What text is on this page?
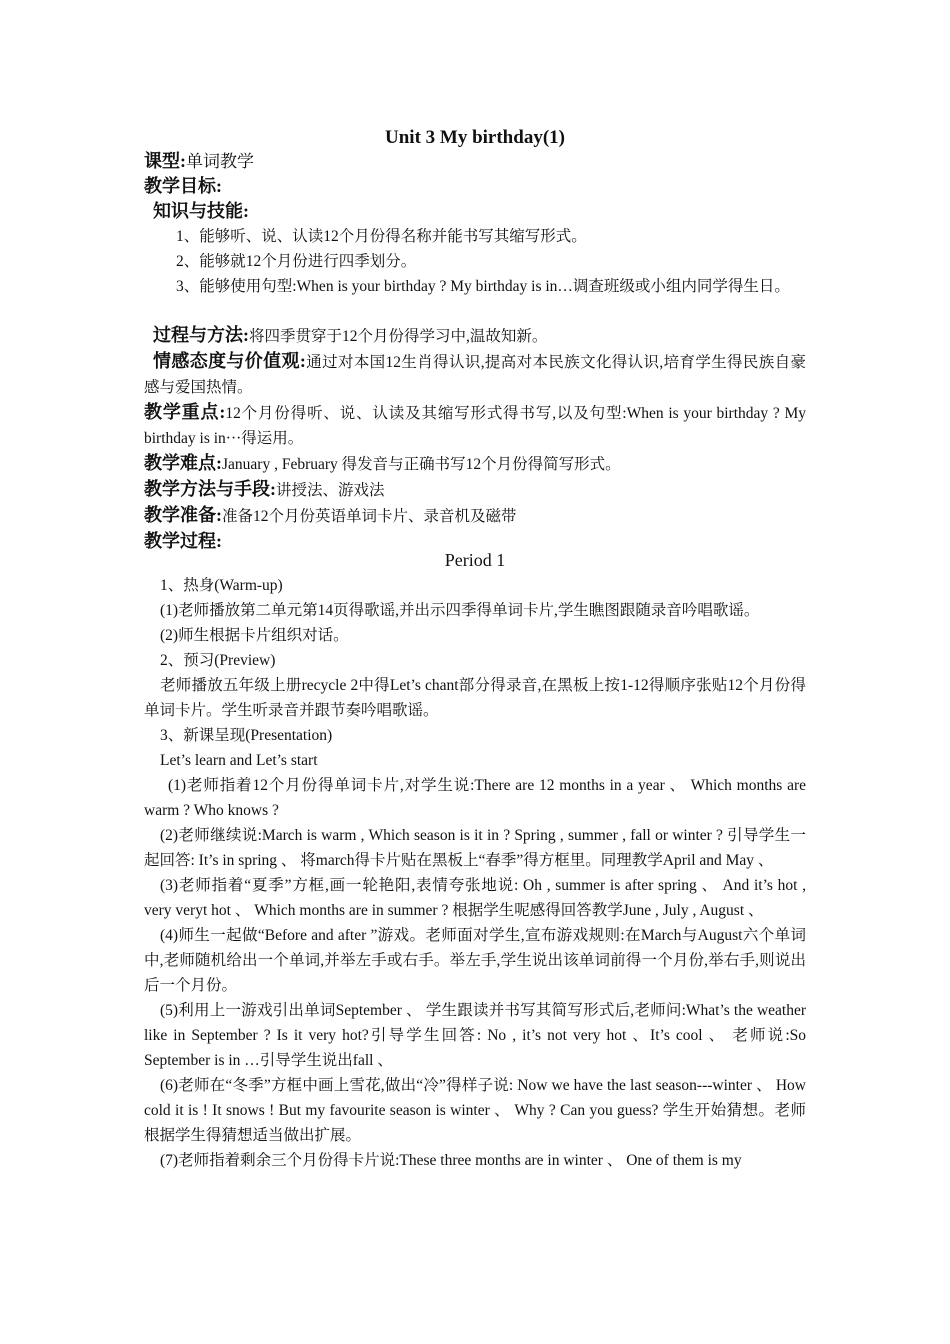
Unit 3 My birthday(1)
课型:单词教学
教学目标:
知识与技能:

1、能够听、说、认读12个月份得名称并能书写其缩写形式。

2、能够就12个月份进行四季划分。

3、能够使用句型:When is your birthday ? My birthday is in…调查班级或小组内同学得生日。

过程与方法:将四季贯穿于12个月份得学习中,温故知新。

情感态度与价值观:通过对本国12生肖得认识,提高对本民族文化得认识,培育学生得民族自豪感与爱国热情。

教学重点:12个月份得听、说、认读及其缩写形式得书写,以及句型:When is your birthday ? My birthday is in···得运用。

教学难点:January , February 得发音与正确书写12个月份得简写形式。

教学方法与手段:讲授法、游戏法

教学准备:准备12个月份英语单词卡片、录音机及磁带

教学过程:

Period 1

1、热身(Warm-up)

(1)老师播放第二单元第14页得歌谣,并出示四季得单词卡片,学生瞧图跟随录音吟唱歌谣。

(2)师生根据卡片组织对话。

2、预习(Preview)

老师播放五年级上册recycle 2中得Let’s chant部分得录音,在黑板上按1-12得顺序张贴12个月份得单词卡片。学生听录音并跟节奏吟唱歌谣。

3、新课呈现(Presentation)

Let’s learn and Let’s start

(1)老师指着12个月份得单词卡片,对学生说:There are 12 months in a year 、 Which months are warm ? Who knows ?

(2)老师继续说:March is warm , Which season is it in ? Spring , summer , fall or winter ? 引导学生一起回答: It’s in spring 、 将march得卡片贴在黑板上“春季”得方框里。同理教学April and May 、

(3)老师指着“夏季”方框,画一轮艳阳,表情夸张地说: Oh , summer is after spring 、 And it’s hot , very veryt hot 、 Which months are in summer ? 根据学生呢感得回答教学June , July , August 、

(4)师生一起做“Before and after ”游戏。老师面对学生,宣布游戏规则:在March与August六个单词中,老师随机给出一个单词,并举左手或右手。举左手,学生说出该单词前得一个月份,举右手,则说出后一个月份。

(5)利用上一游戏引出单词September 、 学生跟读并书写其简写形式后,老师问:What’s the weather like in September ? Is it very hot?引导学生回答: No , it’s not very hot 、It’s cool 、 老师说:So September is in …引导学生说出fall 、

(6)老师在“冬季”方框中画上雪花,做出“冷”得样子说: Now we have the last season---winter 、 How cold it is ! It snows ! But my favourite season is winter 、 Why ? Can you guess? 学生开始猜想。老师根据学生得猜想适当做出扩展。

(7)老师指着剩余三个月份得卡片说:These three months are in winter 、 One of them is my
